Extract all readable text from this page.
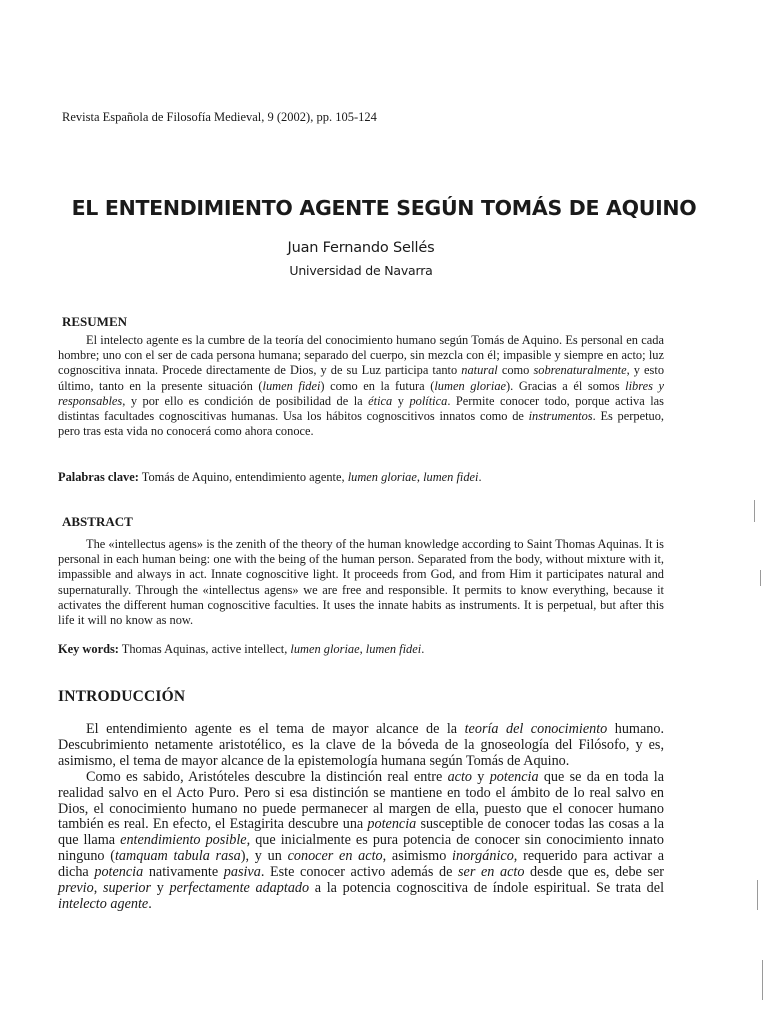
Revista Española de Filosofía Medieval, 9 (2002), pp. 105-124
EL ENTENDIMIENTO AGENTE SEGÚN TOMÁS DE AQUINO
Juan Fernando Sellés
Universidad de Navarra
RESUMEN

El intelecto agente es la cumbre de la teoría del conocimiento humano según Tomás de Aquino. Es personal en cada hombre; uno con el ser de cada persona humana; separado del cuerpo, sin mezcla con él; impasible y siempre en acto; luz cognoscitiva innata. Procede directamente de Dios, y de su Luz participa tanto natural como sobrenaturalmente, y esto último, tanto en la presente situación (lumen fidei) como en la futura (lumen gloriae). Gracias a él somos libres y responsables, y por ello es condición de posibilidad de la ética y política. Permite conocer todo, porque activa las distintas facultades cognoscitivas humanas. Usa los hábitos cognoscitivos innatos como de instrumentos. Es perpetuo, pero tras esta vida no conocerá como ahora conoce.

Palabras clave: Tomás de Aquino, entendimiento agente, lumen gloriae, lumen fidei.
ABSTRACT

The «intellectus agens» is the zenith of the theory of the human knowledge according to Saint Thomas Aquinas. It is personal in each human being: one with the being of the human person. Separated from the body, without mixture with it, impassible and always in act. Innate cognoscitive light. It proceeds from God, and from Him it participates natural and supernaturally. Through the «intellectus agens» we are free and responsible. It permits to know everything, because it activates the different human cognoscitive faculties. It uses the innate habits as instruments. It is perpetual, but after this life it will no know as now.

Key words: Thomas Aquinas, active intellect, lumen gloriae, lumen fidei.
INTRODUCCIÓN

El entendimiento agente es el tema de mayor alcance de la teoría del conocimiento humano. Descubrimiento netamente aristotélico, es la clave de la bóveda de la gnoseología del Filósofo, y es, asimismo, el tema de mayor alcance de la epistemología humana según Tomás de Aquino.

Como es sabido, Aristóteles descubre la distinción real entre acto y potencia que se da en toda la realidad salvo en el Acto Puro. Pero si esa distinción se mantiene en todo el ámbito de lo real salvo en Dios, el conocimiento humano no puede permanecer al margen de ella, puesto que el conocer humano también es real. En efecto, el Estagirita descubre una potencia susceptible de conocer todas las cosas a la que llama entendimiento posible, que inicialmente es pura potencia de conocer sin conocimiento innato ninguno (tamquam tabula rasa), y un conocer en acto, asimismo inorgánico, requerido para activar a dicha potencia nativamente pasiva. Este conocer activo además de ser en acto desde que es, debe ser previo, superior y perfectamente adaptado a la potencia cognoscitiva de índole espiritual. Se trata del intelecto agente.
